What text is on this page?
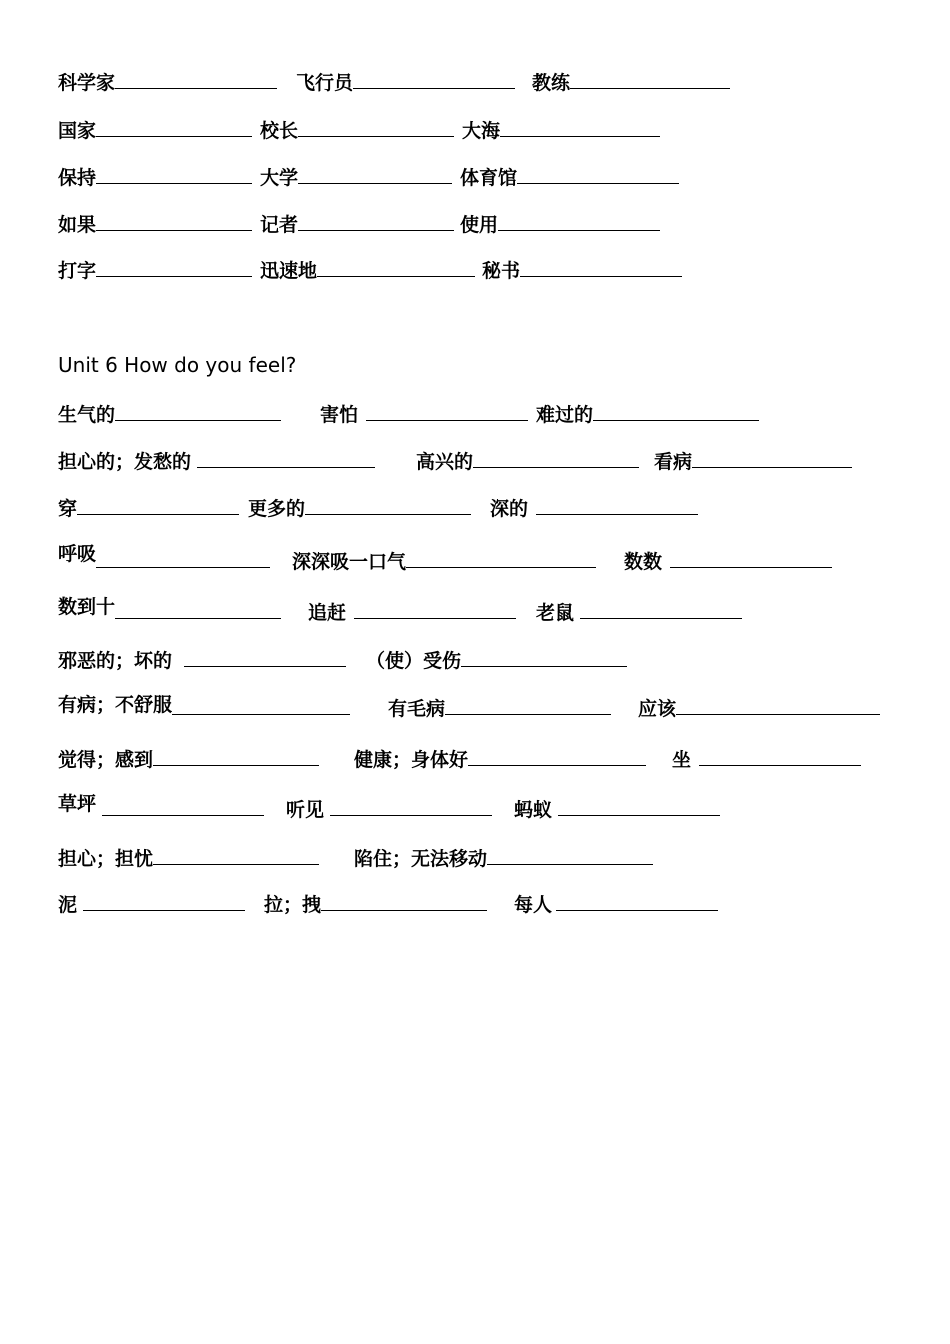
科学家	飞行员	教练
国家	校长	大海
保持	大学	体育馆
如果	记者	使用
打字	迅速地	秘书
Unit 6 How do you feel?
生气的	害怕	难过的
担心的；发愁的	高兴的	看病
穿	更多的	深的
呼吸	深深吸一口气	数数
数到十	追赶	老鼠
邪恶的；坏的	（使）受伤
有病；不舒服	有毛病	应该
觉得；感到	健康；身体好	坐
草坪	听见	蚂蚁
担心；担忧	陷住；无法移动
泥	拉；拽	每人
